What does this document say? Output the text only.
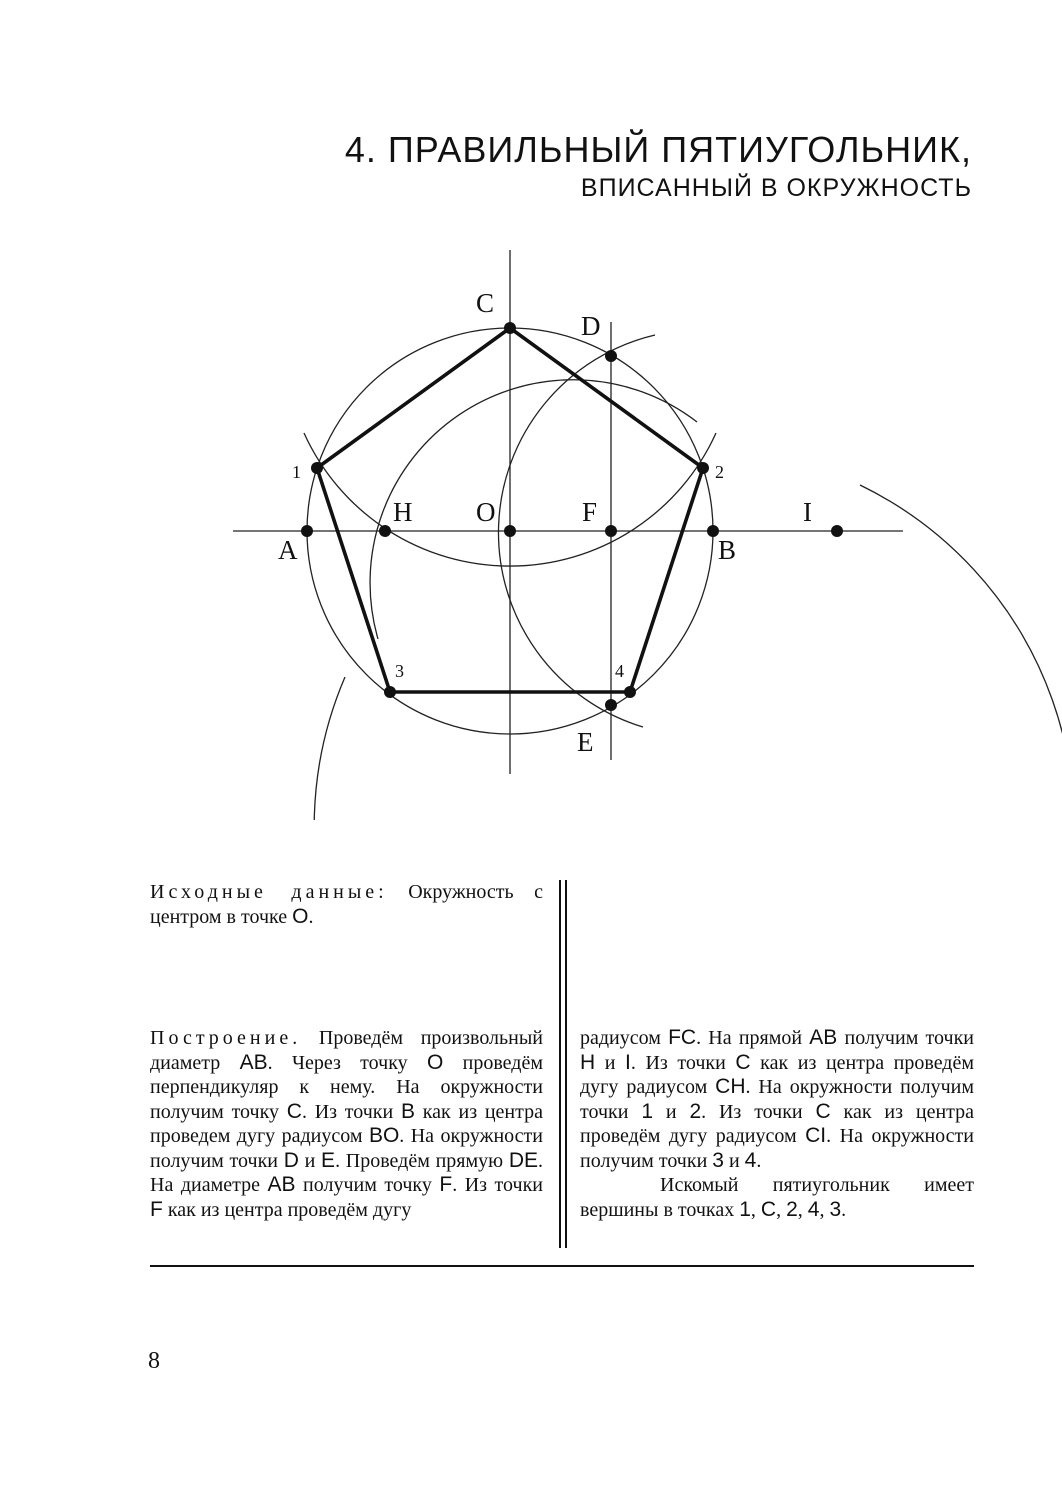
4. ПРАВИЛЬНЫЙ ПЯТИУГОЛЬНИК,
ВПИСАННЫЙ В ОКРУЖНОСТЬ
C
D
1	2
H O	F	I
A	B
3	4
E

Исходные данные: Окружность с центром в точке O.

Построение. Проведём произвольный диаметр AB. Через точку O проведём перпендикуляр к нему. На окружности получим точку C. Из точки B как из центра проведем дугу радиусом BO. На окружности получим точки D и E. Проведём прямую DE. На диаметре AB получим точку F. Из точки F как из центра проведём дугу

радиусом FC. На прямой AB получим точки H и I. Из точки C как из центра проведём дугу радиусом CH. На окружности получим точки 1 и 2. Из точки C как из центра проведём дугу радиусом CI. На окружности получим точки 3 и 4.

Искомый пятиугольник имеет вершины в точках 1, C, 2, 4, 3.

8
